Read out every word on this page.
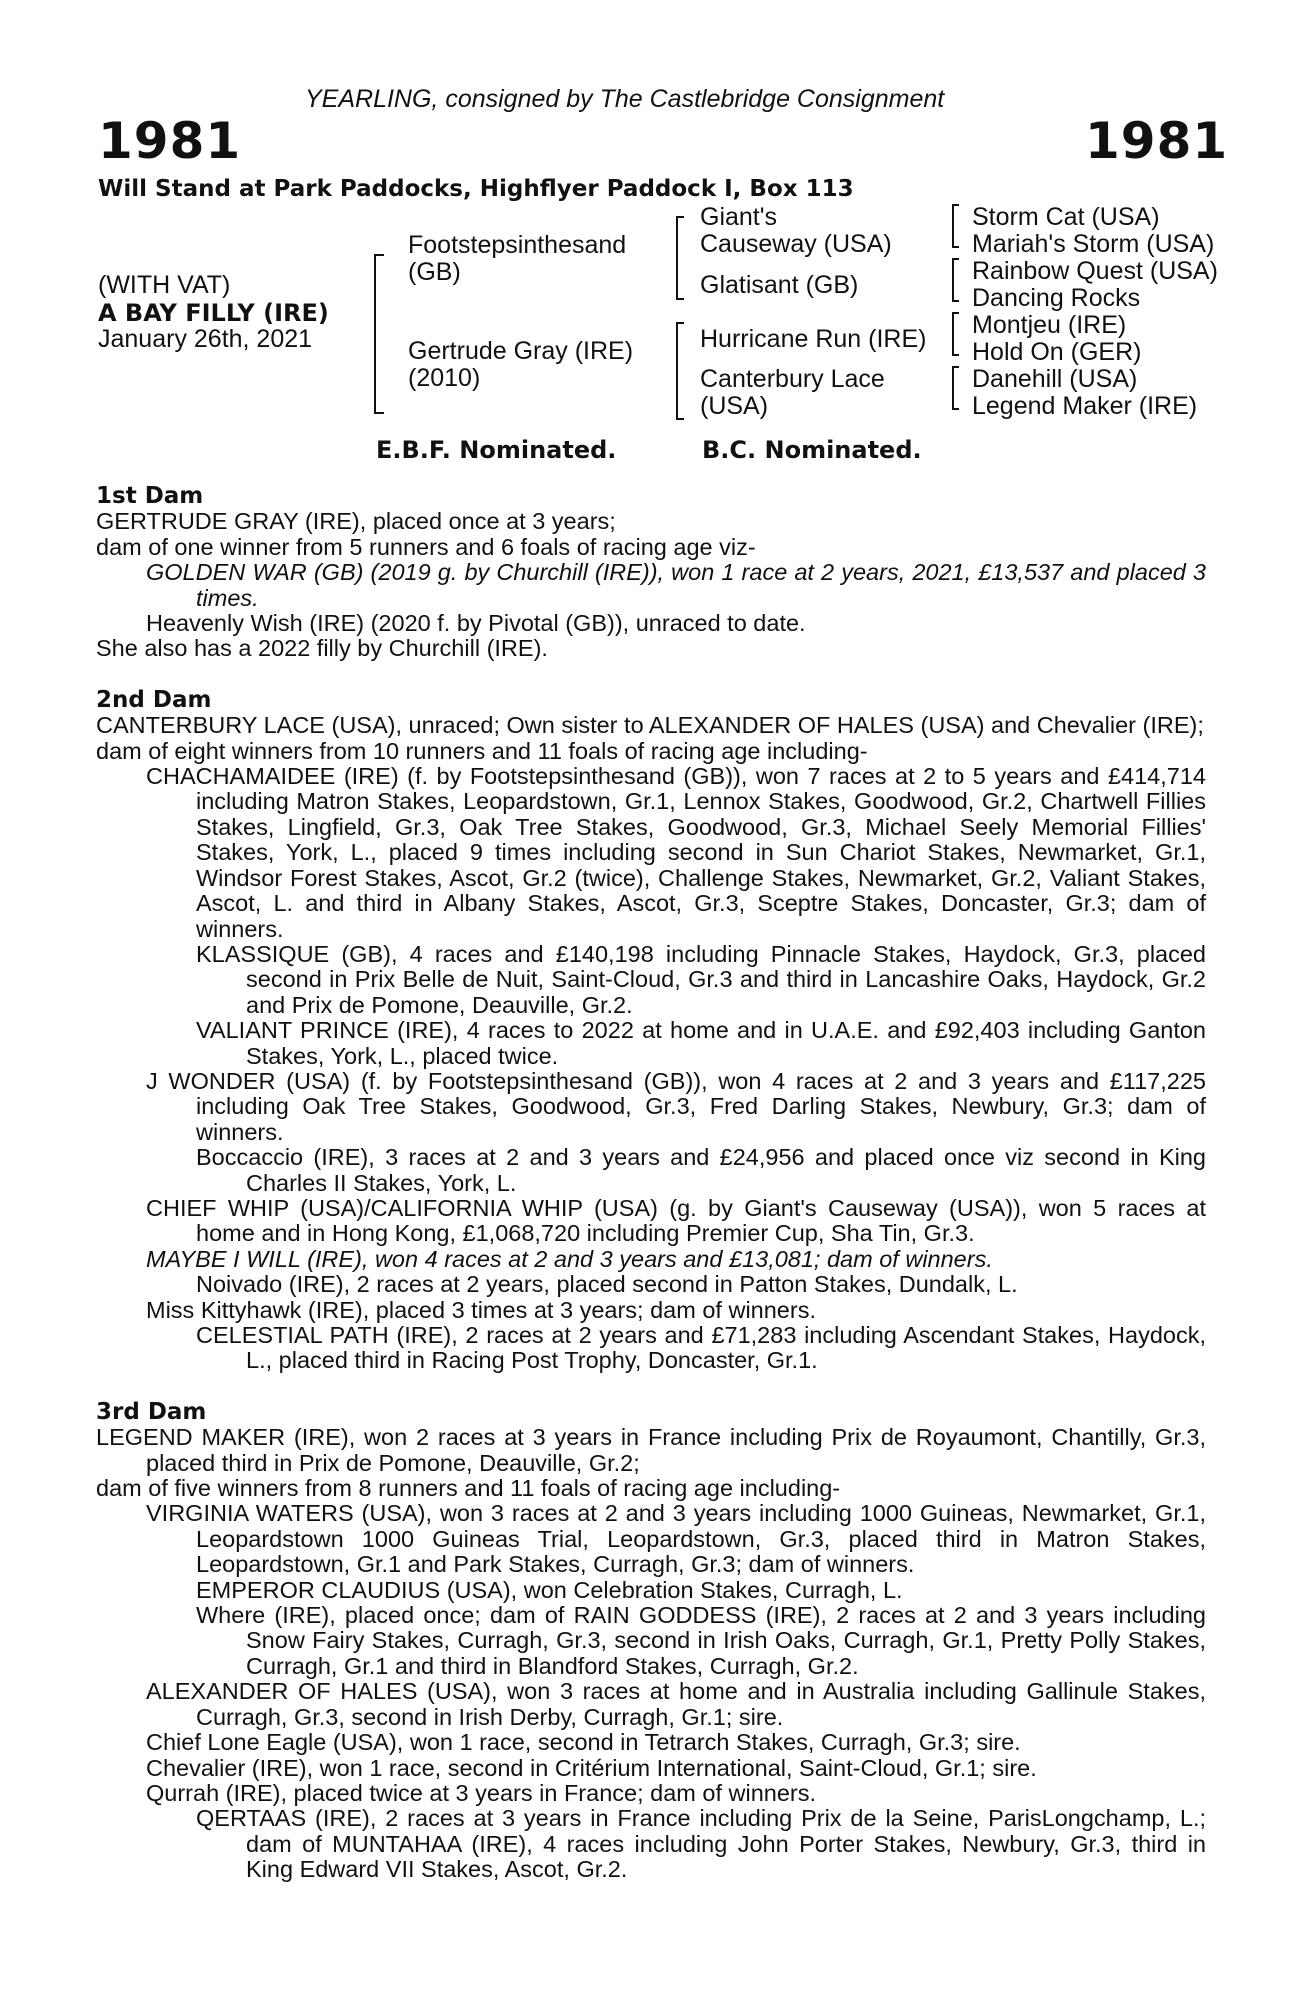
YEARLING, consigned by The Castlebridge Consignment
1981	1981
Will Stand at Park Paddocks, Highflyer Paddock I, Box 113
(WITH VAT)
A BAY FILLY (IRE)
January 26th, 2021
Footstepsinthesand (GB)
Gertrude Gray (IRE) (2010)
Giant's Causeway (USA)
Glatisant (GB)
Hurricane Run (IRE)
Canterbury Lace (USA)
Storm Cat (USA)
Mariah's Storm (USA)
Rainbow Quest (USA)
Dancing Rocks
Montjeu (IRE)
Hold On (GER)
Danehill (USA)
Legend Maker (IRE)
E.B.F. Nominated.	B.C. Nominated.

1st Dam

GERTRUDE GRAY (IRE), placed once at 3 years;

dam of one winner from 5 runners and 6 foals of racing age viz-

GOLDEN WAR (GB) (2019 g. by Churchill (IRE)), won 1 race at 2 years, 2021, £13,537 and placed 3 times.

Heavenly Wish (IRE) (2020 f. by Pivotal (GB)), unraced to date.

She also has a 2022 filly by Churchill (IRE).

2nd Dam

CANTERBURY LACE (USA), unraced; Own sister to ALEXANDER OF HALES (USA) and Chevalier (IRE);

dam of eight winners from 10 runners and 11 foals of racing age including-

CHACHAMAIDEE (IRE) (f. by Footstepsinthesand (GB)), won 7 races at 2 to 5 years and £414,714 including Matron Stakes, Leopardstown, Gr.1, Lennox Stakes, Goodwood, Gr.2, Chartwell Fillies Stakes, Lingfield, Gr.3, Oak Tree Stakes, Goodwood, Gr.3, Michael Seely Memorial Fillies' Stakes, York, L., placed 9 times including second in Sun Chariot Stakes, Newmarket, Gr.1, Windsor Forest Stakes, Ascot, Gr.2 (twice), Challenge Stakes, Newmarket, Gr.2, Valiant Stakes, Ascot, L. and third in Albany Stakes, Ascot, Gr.3, Sceptre Stakes, Doncaster, Gr.3; dam of winners.

KLASSIQUE (GB), 4 races and £140,198 including Pinnacle Stakes, Haydock, Gr.3, placed second in Prix Belle de Nuit, Saint-Cloud, Gr.3 and third in Lancashire Oaks, Haydock, Gr.2 and Prix de Pomone, Deauville, Gr.2.

VALIANT PRINCE (IRE), 4 races to 2022 at home and in U.A.E. and £92,403 including Ganton Stakes, York, L., placed twice.

J WONDER (USA) (f. by Footstepsinthesand (GB)), won 4 races at 2 and 3 years and £117,225 including Oak Tree Stakes, Goodwood, Gr.3, Fred Darling Stakes, Newbury, Gr.3; dam of winners.

Boccaccio (IRE), 3 races at 2 and 3 years and £24,956 and placed once viz second in King Charles II Stakes, York, L.

CHIEF WHIP (USA)/CALIFORNIA WHIP (USA) (g. by Giant's Causeway (USA)), won 5 races at home and in Hong Kong, £1,068,720 including Premier Cup, Sha Tin, Gr.3.

MAYBE I WILL (IRE), won 4 races at 2 and 3 years and £13,081; dam of winners.

Noivado (IRE), 2 races at 2 years, placed second in Patton Stakes, Dundalk, L.

Miss Kittyhawk (IRE), placed 3 times at 3 years; dam of winners.

CELESTIAL PATH (IRE), 2 races at 2 years and £71,283 including Ascendant Stakes, Haydock, L., placed third in Racing Post Trophy, Doncaster, Gr.1.

3rd Dam

LEGEND MAKER (IRE), won 2 races at 3 years in France including Prix de Royaumont, Chantilly, Gr.3, placed third in Prix de Pomone, Deauville, Gr.2;

dam of five winners from 8 runners and 11 foals of racing age including-

VIRGINIA WATERS (USA), won 3 races at 2 and 3 years including 1000 Guineas, Newmarket, Gr.1, Leopardstown 1000 Guineas Trial, Leopardstown, Gr.3, placed third in Matron Stakes, Leopardstown, Gr.1 and Park Stakes, Curragh, Gr.3; dam of winners.

EMPEROR CLAUDIUS (USA), won Celebration Stakes, Curragh, L.

Where (IRE), placed once; dam of RAIN GODDESS (IRE), 2 races at 2 and 3 years including Snow Fairy Stakes, Curragh, Gr.3, second in Irish Oaks, Curragh, Gr.1, Pretty Polly Stakes, Curragh, Gr.1 and third in Blandford Stakes, Curragh, Gr.2.

ALEXANDER OF HALES (USA), won 3 races at home and in Australia including Gallinule Stakes, Curragh, Gr.3, second in Irish Derby, Curragh, Gr.1; sire.

Chief Lone Eagle (USA), won 1 race, second in Tetrarch Stakes, Curragh, Gr.3; sire.

Chevalier (IRE), won 1 race, second in Critérium International, Saint-Cloud, Gr.1; sire.

Qurrah (IRE), placed twice at 3 years in France; dam of winners.

QERTAAS (IRE), 2 races at 3 years in France including Prix de la Seine, ParisLongchamp, L.; dam of MUNTAHAA (IRE), 4 races including John Porter Stakes, Newbury, Gr.3, third in King Edward VII Stakes, Ascot, Gr.2.
